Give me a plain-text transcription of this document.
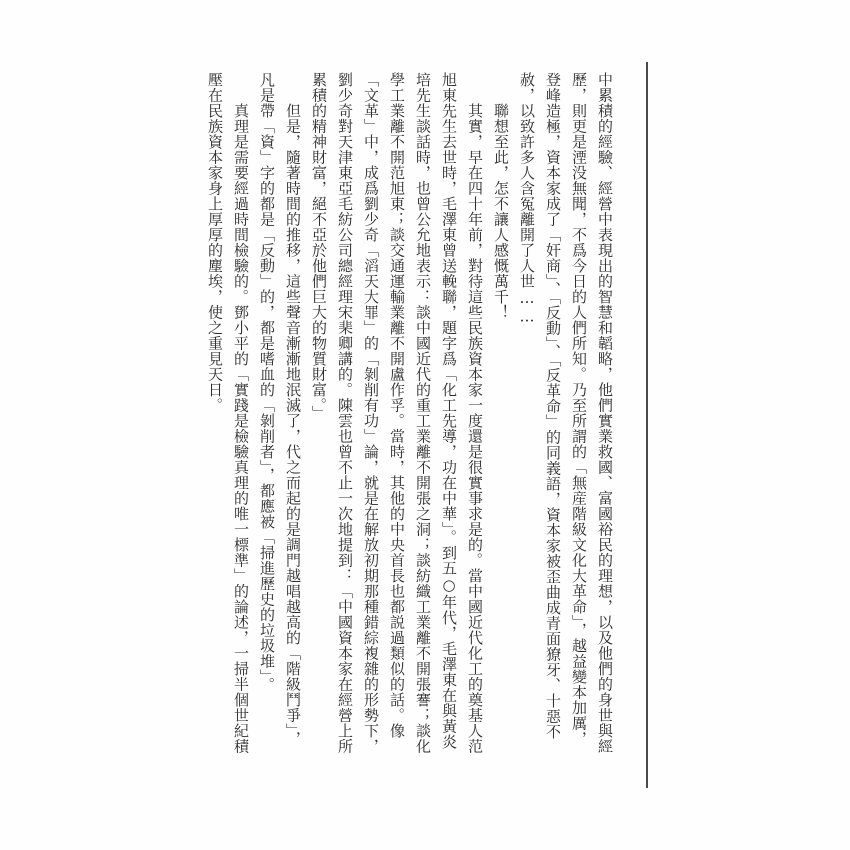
中累積的經驗、經營中表現出的智慧和韜略，他們實業救國、富國裕民的理想，以及他們的身世與經歷，則更是湮没無聞，不爲今日的人們所知。乃至所謂的「無産階級文化大革命」，越益變本加厲，登峰造極，資本家成了「奸商」、「反動」、「反革命」的同義語，資本家被歪曲成青面獠牙、十惡不赦，以致許多人含冤離開了人世……

聯想至此，怎不讓人感慨萬千！

其實，早在四十年前，對待這些民族資本家一度還是很實事求是的。當中國近代化工的奠基人范旭東先生去世時，毛澤東曾送輓聯，題字爲「化工先導，功在中華」。到五○年代，毛澤東在與黃炎培先生談話時，也曾公允地表示：談中國近代的重工業離不開張之洞；談紡織工業離不開張謇；談化學工業離不開范旭東；談交通運輸業離不開盧作孚。當時，其他的中央首長也都説過類似的話。像「文革」中，成爲劉少奇「滔天大罪」的「剝削有功」論，就是在解放初期那種錯綜複雜的形勢下，劉少奇對天津東亞毛紡公司總經理宋棐卿講的。陳雲也曾不止一次地提到：「中國資本家在經營上所累積的精神財富，絕不亞於他們巨大的物質財富。」

但是，隨著時間的推移，這些聲音漸漸地泯滅了，代之而起的是調門越唱越高的「階級鬥爭」，凡是帶「資」字的都是「反動」的，都是嗜血的「剝削者」，都應被「掃進歷史的垃圾堆」。

真理是需要經過時間檢驗的。鄧小平的「實踐是檢驗真理的唯一標準」的論述，一掃半個世紀積壓在民族資本家身上厚厚的塵埃，使之重見天日。
